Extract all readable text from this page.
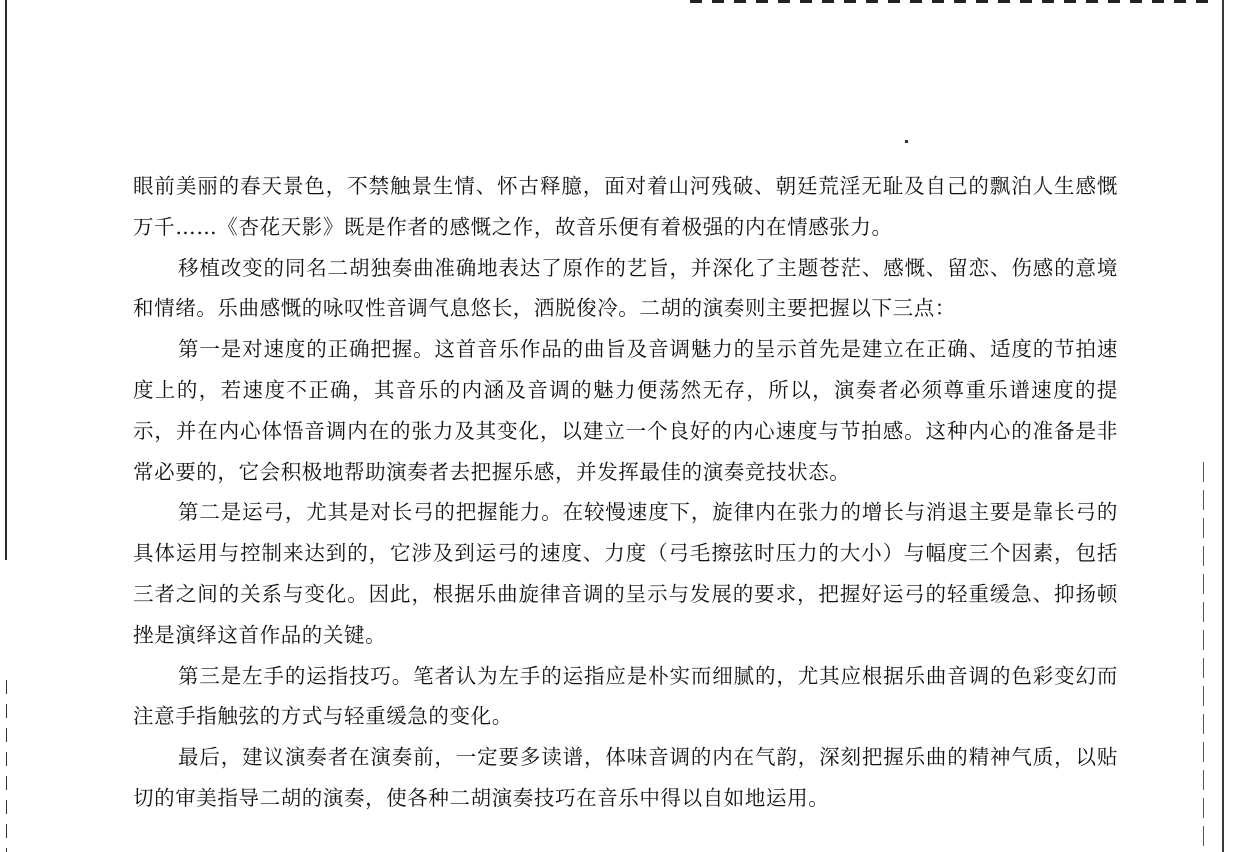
眼前美丽的春天景色，不禁触景生情、怀古释臆，面对着山河残破、朝廷荒淫无耻及自己的飘泊人生感慨万千……《杏花天影》既是作者的感慨之作，故音乐便有着极强的内在情感张力。

移植改变的同名二胡独奏曲准确地表达了原作的艺旨，并深化了主题苍茫、感慨、留恋、伤感的意境和情绪。乐曲感慨的咏叹性音调气息悠长，洒脱俊冷。二胡的演奏则主要把握以下三点：

第一是对速度的正确把握。这首音乐作品的曲旨及音调魅力的呈示首先是建立在正确、适度的节拍速度上的，若速度不正确，其音乐的内涵及音调的魅力便荡然无存，所以，演奏者必须尊重乐谱速度的提示，并在内心体悟音调内在的张力及其变化，以建立一个良好的内心速度与节拍感。这种内心的准备是非常必要的，它会积极地帮助演奏者去把握乐感，并发挥最佳的演奏竞技状态。

第二是运弓，尤其是对长弓的把握能力。在较慢速度下，旋律内在张力的增长与消退主要是靠长弓的具体运用与控制来达到的，它涉及到运弓的速度、力度（弓毛擦弦时压力的大小）与幅度三个因素，包括三者之间的关系与变化。因此，根据乐曲旋律音调的呈示与发展的要求，把握好运弓的轻重缓急、抑扬顿挫是演绎这首作品的关键。

第三是左手的运指技巧。笔者认为左手的运指应是朴实而细腻的，尤其应根据乐曲音调的色彩变幻而注意手指触弦的方式与轻重缓急的变化。

最后，建议演奏者在演奏前，一定要多读谱，体味音调的内在气韵，深刻把握乐曲的精神气质，以贴切的审美指导二胡的演奏，使各种二胡演奏技巧在音乐中得以自如地运用。
